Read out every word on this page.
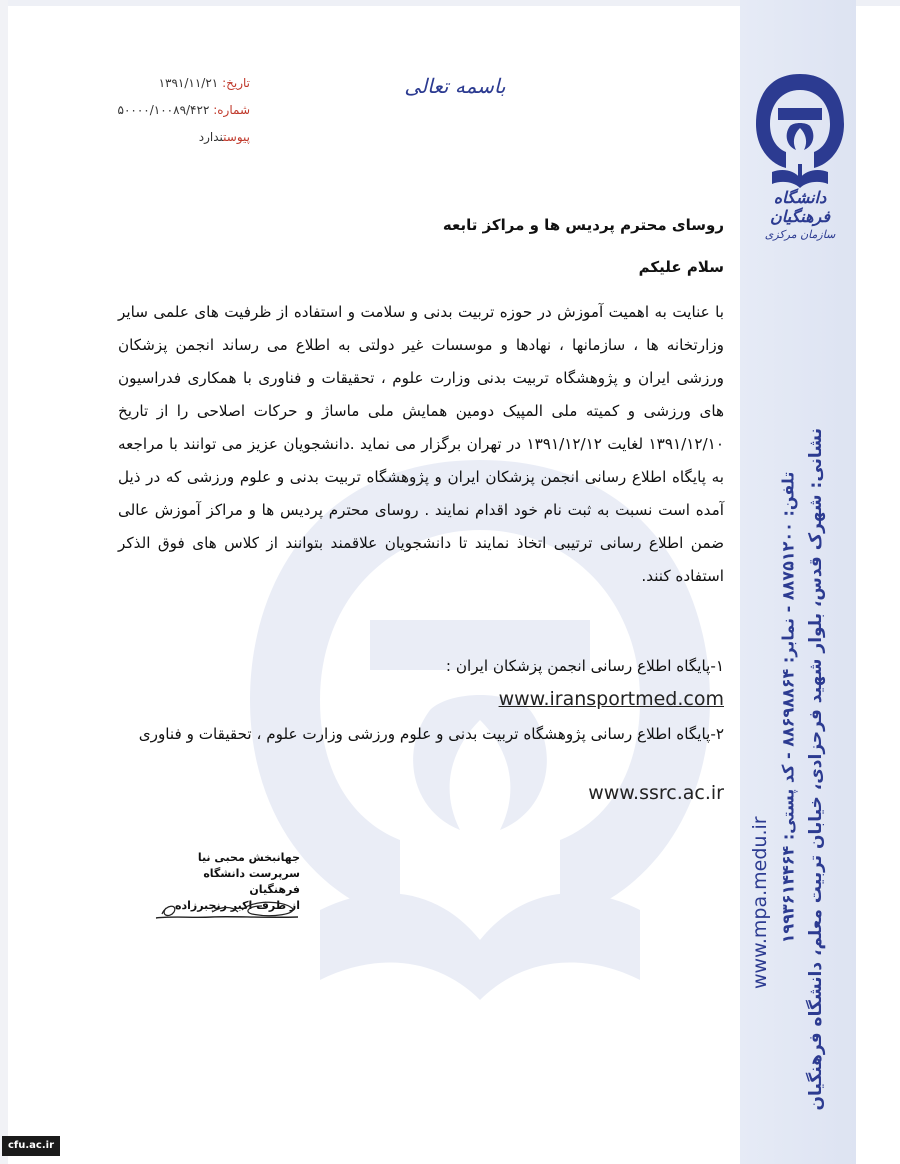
نشانی: شهرک قدس، بلوار شهید فرحزادی، خیابان تربیت معلم، دانشگاه فرهنگیان
تلفن: ۸۸۷۵۱۲۰۰ - نمابر: ۸۸۶۹۸۸۶۴ - کد پستی: ۱۹۹۳۶۱۴۴۶۴
www.mpa.medu.ir
دانشگاه فرهنگیان
سازمان مرکزی
باسمه تعالی
تاریخ: ۱۳۹۱/۱۱/۲۱
شماره: ۵۰۰۰۰/۱۰۰۸۹/۴۲۲
پیوستندارد
روسای محترم پردیس ها و مراکز تابعه
سلام علیکم
با عنایت به اهمیت آموزش در حوزه تربیت بدنی و سلامت و استفاده از ظرفیت های علمی سایر وزارتخانه ها ، سازمانها ، نهادها و موسسات غیر دولتی به اطلاع می رساند انجمن پزشکان ورزشی ایران و پژوهشگاه تربیت بدنی وزارت علوم ، تحقیقات و فناوری با همکاری فدراسیون های ورزشی و کمیته ملی المپیک دومین همایش ملی ماساژ و حرکات اصلاحی را از تاریخ ۱۳۹۱/۱۲/۱۰ لغایت ۱۳۹۱/۱۲/۱۲ در تهران برگزار می نماید .دانشجویان عزیز می توانند با مراجعه به پایگاه اطلاع رسانی انجمن پزشکان ایران و پژوهشگاه تربیت بدنی و علوم ورزشی که در ذیل آمده است نسبت به ثبت نام خود اقدام نمایند . روسای محترم پردیس ها و مراکز آموزش عالی ضمن اطلاع رسانی ترتیبی اتخاذ نمایند تا دانشجویان علاقمند بتوانند از کلاس های فوق الذکر استفاده کنند.
۱-پایگاه اطلاع رسانی انجمن پزشکان ایران :
www.iransportmed.com
۲-پایگاه اطلاع رسانی پژوهشگاه تربیت بدنی و علوم ورزشی وزارت علوم ، تحقیقات و فناوری
www.ssrc.ac.ir
جهانبخش محبی نیا
سرپرست دانشگاه فرهنگیان
از طرف اکبر رنجبرزاده
cfu.ac.ir
